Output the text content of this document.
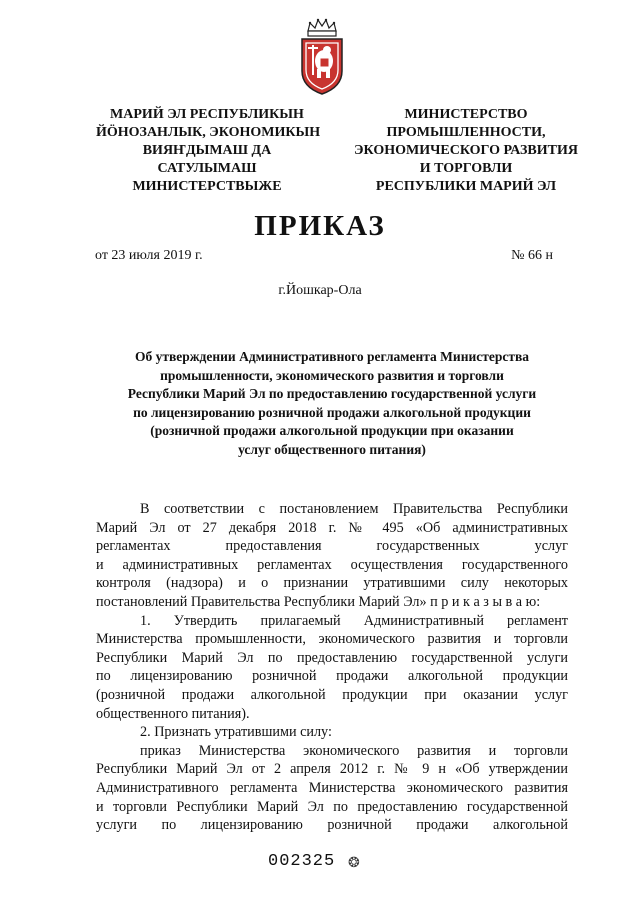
МАРИЙ ЭЛ РЕСПУБЛИКЫН
ЙӦНОЗАНЛЫК, ЭКОНОМИКЫН
ВИЯҤДЫМАШ ДА
САТУЛЫМАШ
МИНИСТЕРСТВЫЖЕ
МИНИСТЕРСТВО
ПРОМЫШЛЕННОСТИ,
ЭКОНОМИЧЕСКОГО РАЗВИТИЯ
И ТОРГОВЛИ
РЕСПУБЛИКИ МАРИЙ ЭЛ
ПРИКАЗ
от 23 июля 2019 г.	№ 66 н
г.Йошкар-Ола
Об утверждении Административного регламента Министерства
промышленности, экономического развития и торговли
Республики Марий Эл по предоставлению государственной услуги
по лицензированию розничной продажи алкогольной продукции
(розничной продажи алкогольной продукции при оказании
услуг общественного питания)
В соответствии с постановлением Правительства Республики
Марий Эл от 27 декабря 2018 г. № 495 «Об административных
регламентах предоставления государственных услуг
и административных регламентах осуществления государственного
контроля (надзора) и о признании утратившими силу некоторых
постановлений Правительства Республики Марий Эл» п р и к а з ы в а ю:
1. Утвердить прилагаемый Административный регламент
Министерства промышленности, экономического развития и торговли
Республики Марий Эл по предоставлению государственной услуги
по лицензированию розничной продажи алкогольной продукции
(розничной продажи алкогольной продукции при оказании услуг
общественного питания).
2. Признать утратившими силу:
приказ Министерства экономического развития и торговли
Республики Марий Эл от 2 апреля 2012 г. № 9 н «Об утверждении
Административного регламента Министерства экономического развития
и торговли Республики Марий Эл по предоставлению государственной
услуги по лицензированию розничной продажи алкогольной
002325 ❂
